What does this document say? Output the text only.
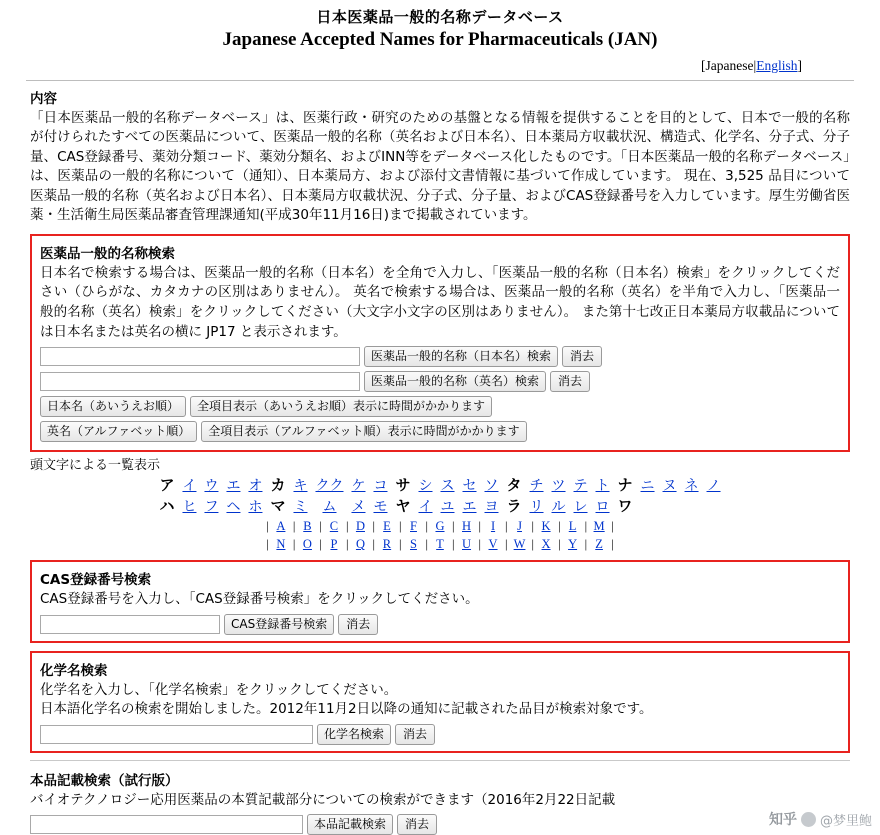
日本医薬品一般的名称データベース
Japanese Accepted Names for Pharmaceuticals (JAN)
[Japanese|English]
内容
「日本医薬品一般的名称データベース」は、医薬行政・研究のための基盤となる情報を提供することを目的として、日本で一般的名称が付けられたすべての医薬品について、医薬品一般的名称（英名および日本名）、日本薬局方収載状況、構造式、化学名、分子式、分子量、CAS登録番号、薬効分類コード、薬効分類名、およびINN等をデータベース化したものです。「日本医薬品一般的名称データベース」は、医薬品の一般的名称について（通知）、日本薬局方、および添付文書情報に基づいて作成しています。 現在、3,525 品目について医薬品一般的名称（英名および日本名）、日本薬局方収載状況、分子式、分子量、およびCAS登録番号を入力しています。厚生労働省医薬・生活衛生局医薬品審査管理課通知(平成30年11月16日)まで掲載されています。
医薬品一般的名称検索
日本名で検索する場合は、医薬品一般的名称（日本名）を全角で入力し、「医薬品一般的名称（日本名）検索」をクリックしてください（ひらがな、カタカナの区別はありません）。 英名で検索する場合は、医薬品一般的名称（英名）を半角で入力し、「医薬品一般的名称（英名）検索」をクリックしてください（大文字小文字の区別はありません）。 また第十七改正日本薬局方収載品については日本名または英名の横に JP17 と表示されます。
医薬品一般的名称（日本名）検索	消去
医薬品一般的名称（英名）検索	消去
日本名（あいうえお順）	全項目表示（あいうえお順）表示に時間がかかります
英名（アルファベット順）	全項目表示（アルファベット順）表示に時間がかかります
頭文字による一覧表示
ア	イ	ウ	エ	オ	カ	キ	クク	ケ	コ	サ	シ	ス	セ	ソ	タ	チ	ツ	テ	ト	ナ	ニ	ヌ	ネ	ノ
ハ	ヒ	フ	ヘ	ホ	マ	ミ	ム	メ	モ	ヤ	イ	ユ	エ	ヨ	ラ	リ	ル	レ	ロ	ワ				
| A | B | C | D | E | F | G | H | I | J | K | L | M |
| N | O | P | Q | R | S | T | U | V | W | X | Y | Z |
CAS登録番号検索
CAS登録番号を入力し、「CAS登録番号検索」をクリックしてください。
CAS登録番号検索	消去
化学名検索
化学名を入力し、「化学名検索」をクリックしてください。
日本語化学名の検索を開始しました。2012年11月2日以降の通知に記載された品目が検索対象です。
化学名検索	消去
本品記載検索（試行版）
バイオテクノロジー応用医薬品の本質記載部分についての検索ができます（2016年2月22日記載
本品記載検索	消去	知乎 @梦里鲍
